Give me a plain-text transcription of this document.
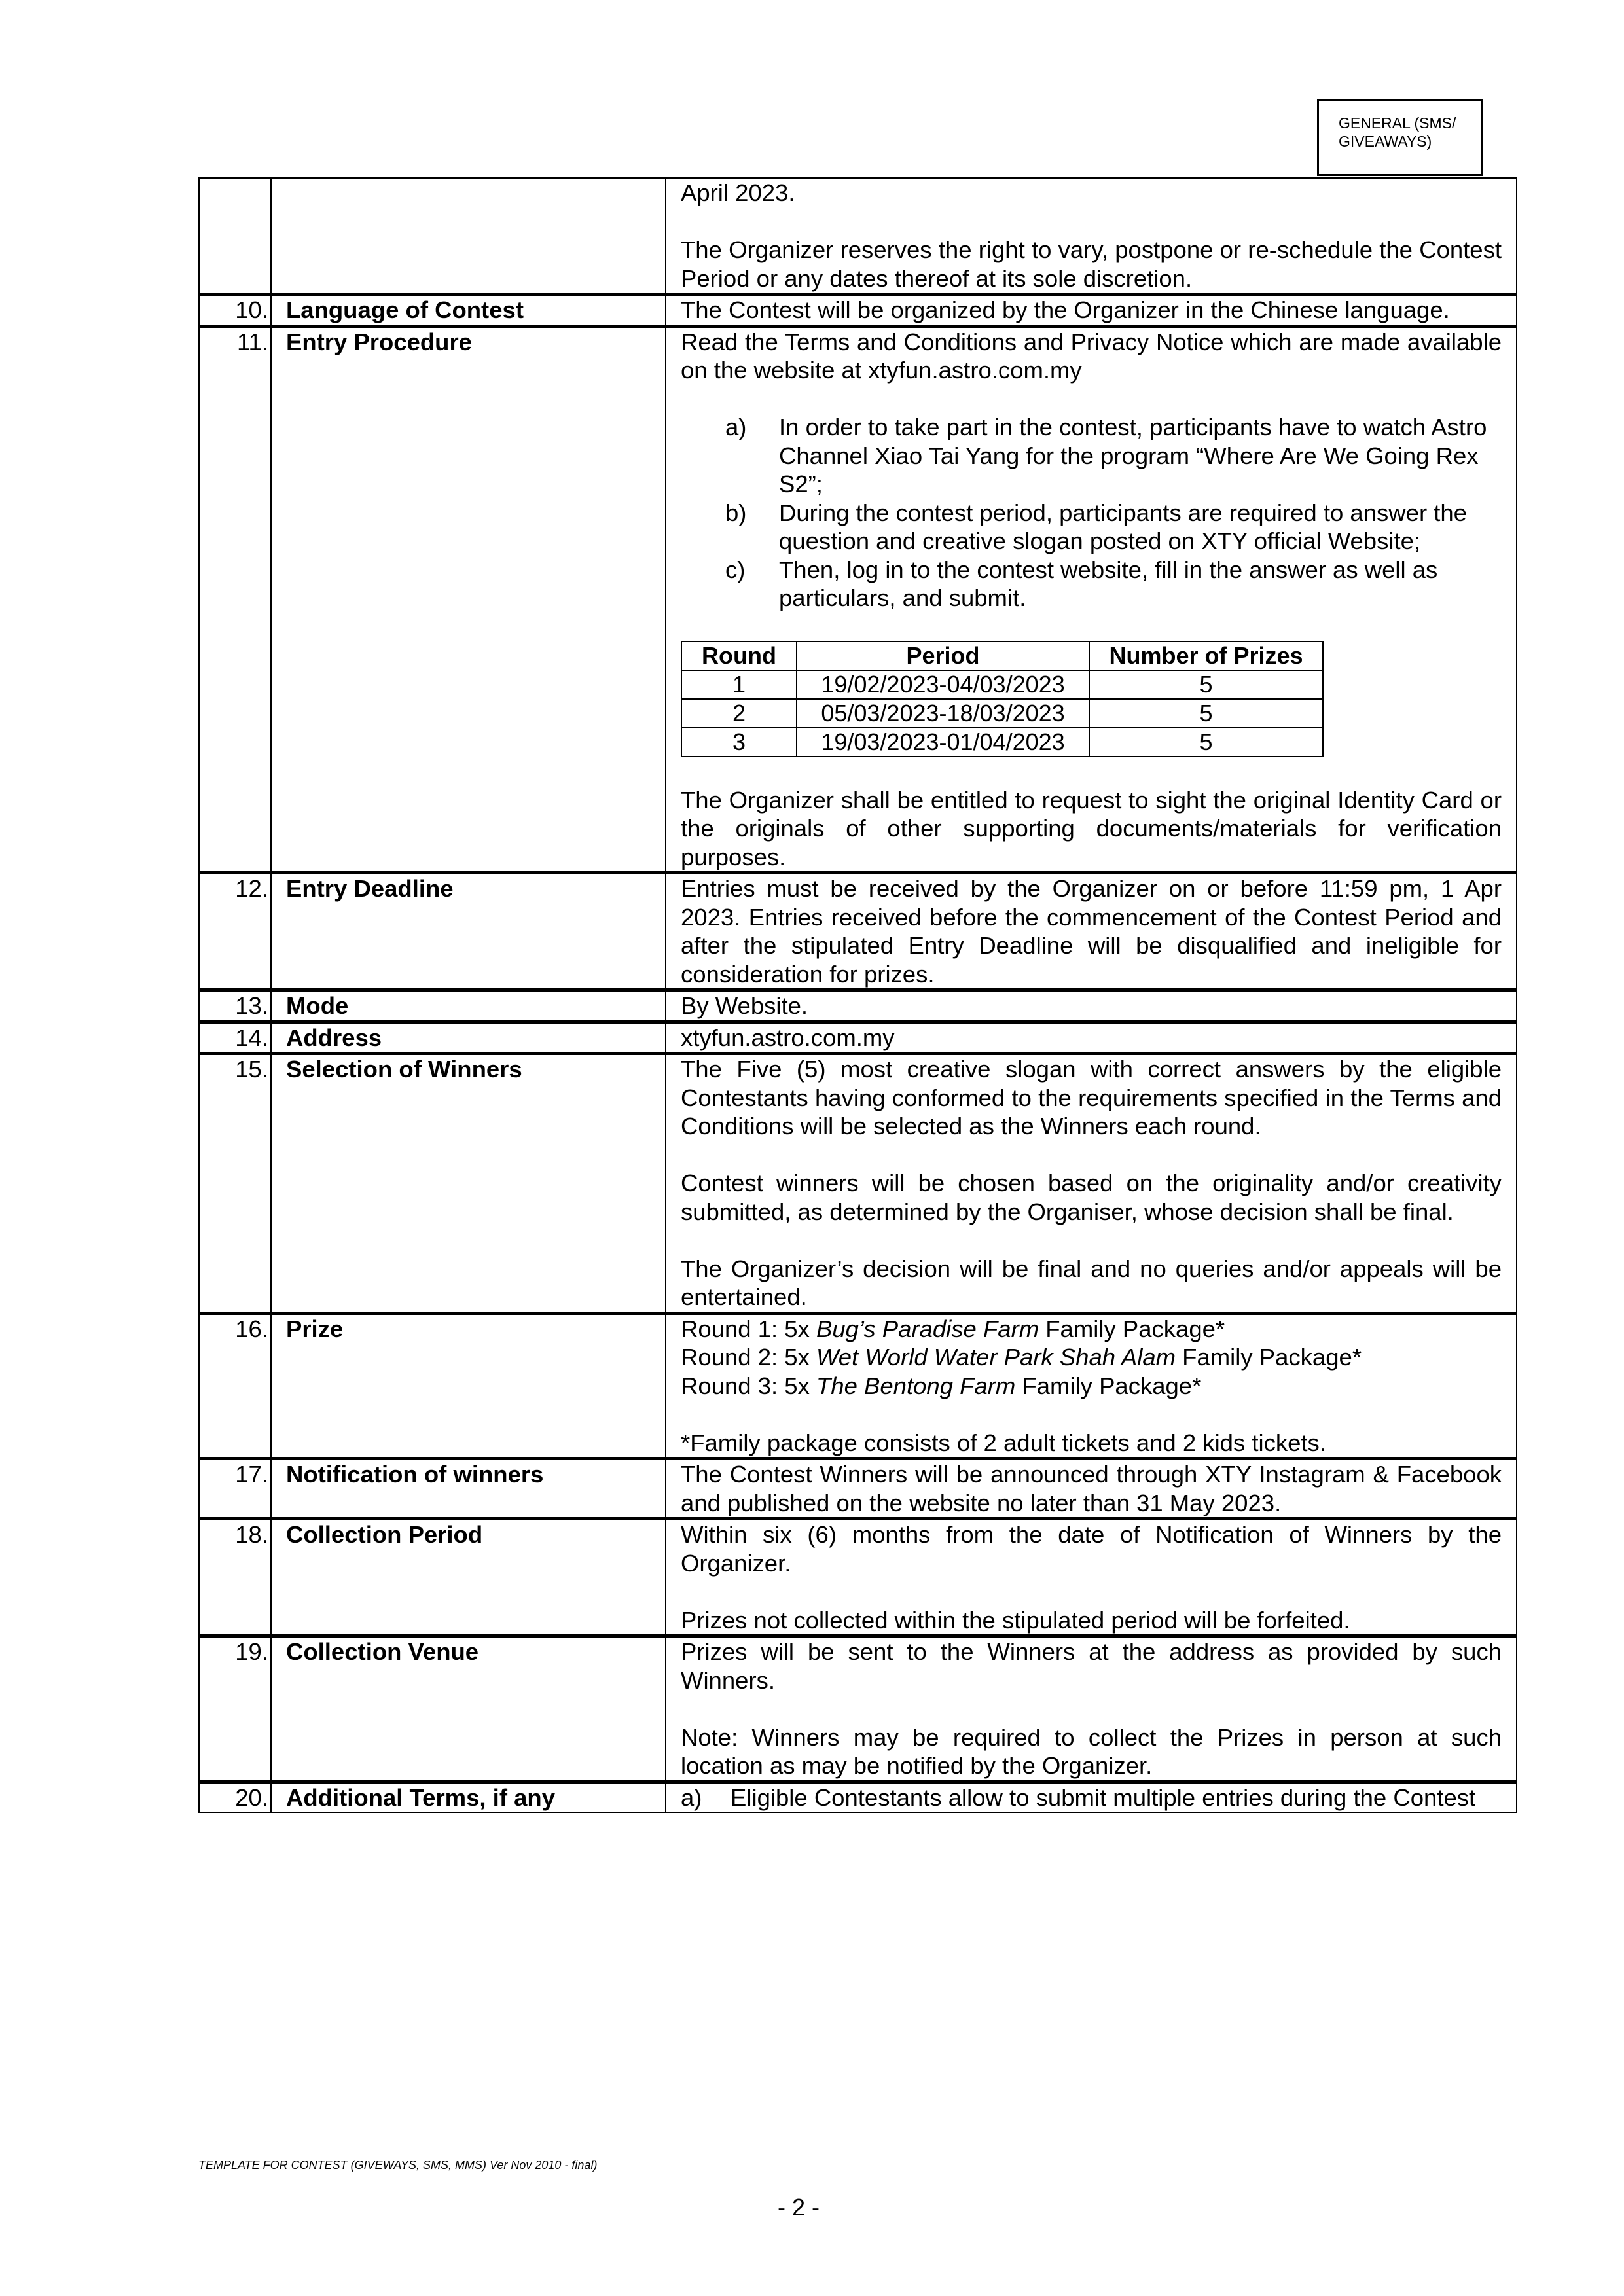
GENERAL (SMS/
GIVEAWAYS)

April 2023.

The Organizer reserves the right to vary, postpone or re-schedule the Contest Period or any dates thereof at its sole discretion.

10.	Language of Contest	The Contest will be organized by the Organizer in the Chinese language.
11.	Entry Procedure	Read the Terms and Conditions and Privacy Notice which are made available on the website at xtyfun.astro.com.my

a)	In order to take part in the contest, participants have to watch Astro Channel Xiao Tai Yang for the program “Where Are We Going Rex S2”;
b)	During the contest period, participants are required to answer the question and creative slogan posted on XTY official Website;
c)	Then, log in to the contest website, fill in the answer as well as particulars, and submit.
Round	Period	Number of Prizes
1	19/02/2023-04/03/2023	5
2	05/03/2023-18/03/2023	5
3	19/03/2023-01/04/2023	5

The Organizer shall be entitled to request to sight the original Identity Card or the originals of other supporting documents/materials for verification purposes.

12.	Entry Deadline	Entries must be received by the Organizer on or before 11:59 pm, 1 Apr 2023. Entries received before the commencement of the Contest Period and after the stipulated Entry Deadline will be disqualified and ineligible for consideration for prizes.
13.	Mode	By Website.
14.	Address	xtyfun.astro.com.my
15.	Selection of Winners	The Five (5) most creative slogan with correct answers by the eligible Contestants having conformed to the requirements specified in the Terms and Conditions will be selected as the Winners each round.

Contest winners will be chosen based on the originality and/or creativity submitted, as determined by the Organiser, whose decision shall be final.

The Organizer’s decision will be final and no queries and/or appeals will be entertained.

16.	Prize	Round 1: 5x Bug’s Paradise Farm Family Package*

Round 2: 5x Wet World Water Park Shah Alam Family Package*

Round 3: 5x The Bentong Farm Family Package*

*Family package consists of 2 adult tickets and 2 kids tickets.

17.	Notification of winners	The Contest Winners will be announced through XTY Instagram & Facebook and published on the website no later than 31 May 2023.
18.	Collection Period	Within six (6) months from the date of Notification of Winners by the Organizer.

Prizes not collected within the stipulated period will be forfeited.

19.	Collection Venue	Prizes will be sent to the Winners at the address as provided by such Winners.

Note: Winners may be required to collect the Prizes in person at such location as may be notified by the Organizer.

20.	Additional Terms, if any	a)	Eligible Contestants allow to submit multiple entries during the Contest
TEMPLATE FOR CONTEST (GIVEWAYS, SMS, MMS) Ver Nov 2010 - final)
- 2 -
